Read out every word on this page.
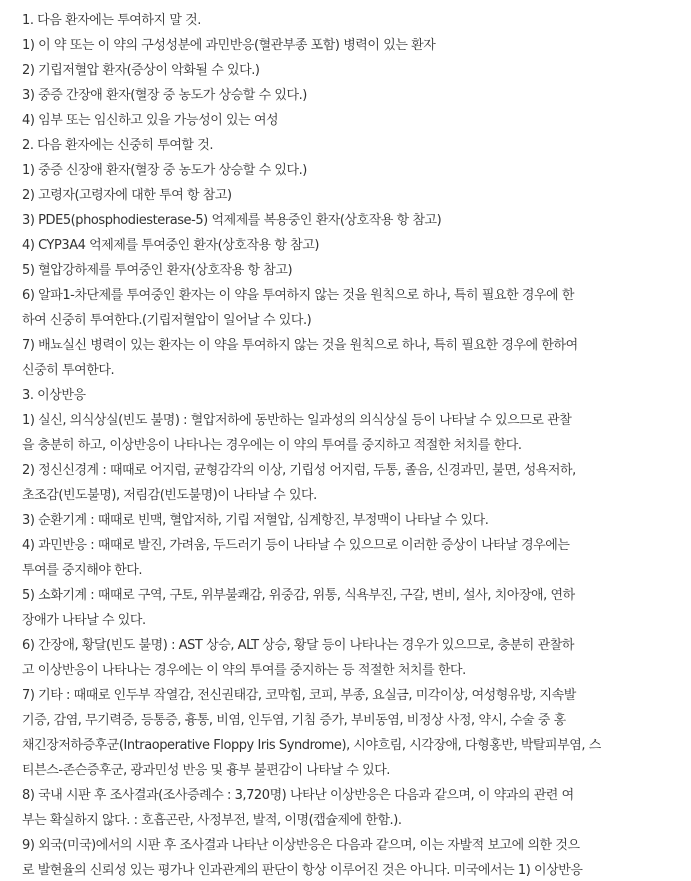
1. 다음 환자에는 투여하지 말 것.
1) 이 약 또는 이 약의 구성성분에 과민반응(혈관부종 포함) 병력이 있는 환자
2) 기립저혈압 환자(증상이 악화될 수 있다.)
3) 중증 간장애 환자(혈장 중 농도가 상승할 수 있다.)
4) 임부 또는 임신하고 있을 가능성이 있는 여성
2. 다음 환자에는 신중히 투여할 것.
1) 중증 신장애 환자(혈장 중 농도가 상승할 수 있다.)
2) 고령자(고령자에 대한 투여 항 참고)
3) PDE5(phosphodiesterase-5) 억제제를 복용중인 환자(상호작용 항 참고)
4) CYP3A4 억제제를 투여중인 환자(상호작용 항 참고)
5) 혈압강하제를 투여중인 환자(상호작용 항 참고)
6) 알파1-차단제를 투여중인 환자는 이 약을 투여하지 않는 것을 원칙으로 하나, 특히 필요한 경우에 한
하여 신중히 투여한다.(기립저혈압이 일어날 수 있다.)
7) 배뇨실신 병력이 있는 환자는 이 약을 투여하지 않는 것을 원칙으로 하나, 특히 필요한 경우에 한하여
신중히 투여한다.
3. 이상반응
1) 실신, 의식상실(빈도 불명) : 혈압저하에 동반하는 일과성의 의식상실 등이 나타날 수 있으므로 관찰
을 충분히 하고, 이상반응이 나타나는 경우에는 이 약의 투여를 중지하고 적절한 처치를 한다.
2) 정신신경계 : 때때로 어지럼, 균형감각의 이상, 기립성 어지럼, 두통, 졸음, 신경과민, 불면, 성욕저하,
초조감(빈도불명), 저림감(빈도불명)이 나타날 수 있다.
3) 순환기계 : 때때로 빈맥, 혈압저하, 기립 저혈압, 심계항진, 부정맥이 나타날 수 있다.
4) 과민반응 : 때때로 발진, 가려움, 두드러기 등이 나타날 수 있으므로 이러한 증상이 나타날 경우에는
투여를 중지해야 한다.
5) 소화기계 : 때때로 구역, 구토, 위부불쾌감, 위중감, 위통, 식욕부진, 구갈, 변비, 설사, 치아장애, 연하
장애가 나타날 수 있다.
6) 간장애, 황달(빈도 불명) : AST 상승, ALT 상승, 황달 등이 나타나는 경우가 있으므로, 충분히 관찰하
고 이상반응이 나타나는 경우에는 이 약의 투여를 중지하는 등 적절한 처치를 한다.
7) 기타 : 때때로 인두부 작열감, 전신권태감, 코막힘, 코피, 부종, 요실금, 미각이상, 여성형유방, 지속발
기증, 감염, 무기력증, 등통증, 흉통, 비염, 인두염, 기침 증가, 부비동염, 비정상 사정, 약시, 수술 중 홍
채긴장저하증후군(Intraoperative Floppy Iris Syndrome), 시야흐림, 시각장애, 다형홍반, 박탈피부염, 스
티븐스-존슨증후군, 광과민성 반응 및 흉부 불편감이 나타날 수 있다.
8) 국내 시판 후 조사결과(조사증례수 : 3,720명) 나타난 이상반응은 다음과 같으며, 이 약과의 관련 여
부는 확실하지 않다. : 호흡곤란, 사정부전, 발적, 이명(캡슐제에 한함.).
9) 외국(미국)에서의 시판 후 조사결과 나타난 이상반응은 다음과 같으며, 이는 자발적 보고에 의한 것으
로 발현율의 신뢰성 있는 평가나 인과관계의 판단이 항상 이루어진 것은 아니다. 미국에서는 1) 이상반응
